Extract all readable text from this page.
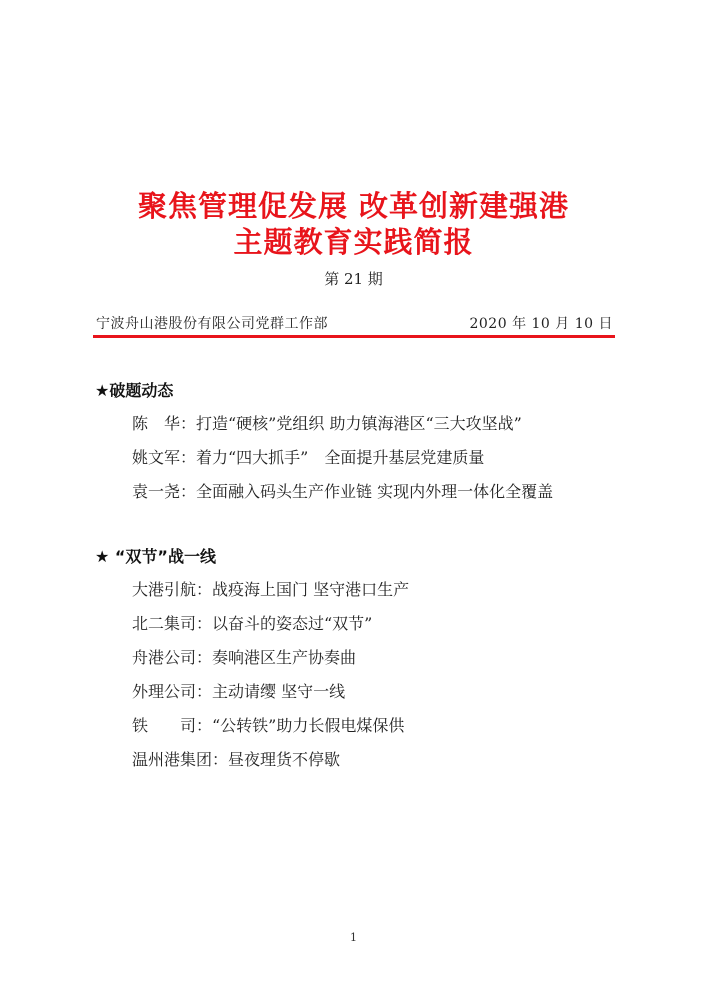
聚焦管理促发展 改革创新建强港
主题教育实践简报
第 21 期
宁波舟山港股份有限公司党群工作部	2020 年 10 月 10 日
★破题动态
陈　华：打造“硬核”党组织 助力镇海港区“三大攻坚战”
姚文军：着力“四大抓手”　全面提升基层党建质量
袁一尧：全面融入码头生产作业链 实现内外理一体化全覆盖
★ “双节”战一线
大港引航：战疫海上国门 坚守港口生产
北二集司：以奋斗的姿态过“双节”
舟港公司：奏响港区生产协奏曲
外理公司：主动请缨 坚守一线
铁　　司：“公转铁”助力长假电煤保供
温州港集团：昼夜理货不停歇
1
